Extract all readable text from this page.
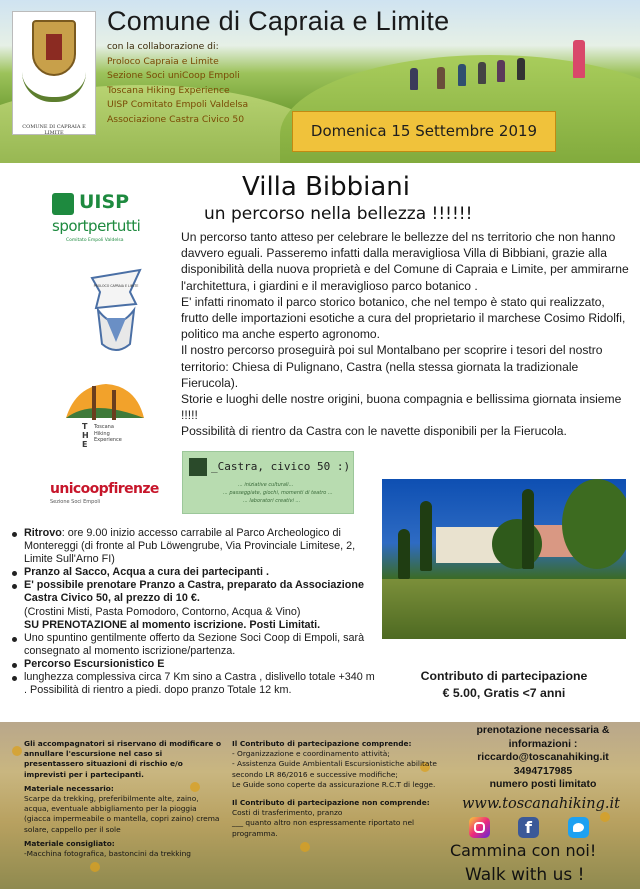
COMUNE DI CAPRAIA E LIMITE
Comune di Capraia e Limite
con la collaborazione di:
Proloco Capraia e Limite
Sezione Soci uniCoop Empoli
Toscana Hiking Experience
UISP Comitato Empoli Valdelsa
Associazione Castra Civico 50
Domenica 15 Settembre 2019
Villa Bibbiani
un percorso nella bellezza !!!!!!

Un percorso tanto atteso per celebrare le bellezze del ns territorio che non hanno davvero eguali. Passeremo infatti dalla meravigliosa Villa di Bibbiani, grazie alla disponibilità della nuova proprietà e del Comune di Capraia e Limite, per ammirarne l'architettura, i giardini e il meraviglioso parco botanico .

E' infatti rinomato il parco storico botanico, che nel tempo è stato qui realizzato, frutto delle importazioni esotiche a cura del proprietario il marchese Cosimo Ridolfi, politico ma anche esperto agronomo.

Il nostro percorso proseguirà poi sul Montalbano per scoprire i tesori del nostro territorio: Chiesa di Pulignano, Castra (nella stessa giornata la tradizionale Fierucola).

Storie e luoghi delle nostre origini, buona compagnia e bellissima giornata insieme !!!!!

Possibilità di rientro da Castra con le navette disponibili per la Fierucola.

UISP
sportpertutti
Comitato Empoli Valdelsa
PROLOCO CAPRAIA E LIMITE
T
H
E
Toscana
Hiking
Experience
unicoopfirenze
Sezione Soci Empoli
_Castra, civico 50 :)
... iniziative culturali...
... passeggiate, giochi, momenti di teatro ...
... laboratori creativi ...
Ritrovo: ore 9.00 inizio accesso carrabile al Parco Archeologico di Montereggi (di fronte al Pub Löwengrube, Via Provinciale Limitese, 2, Limite Sull'Arno FI)
Pranzo al Sacco, Acqua a cura dei partecipanti .
E' possibile prenotare Pranzo a Castra, preparato da Associazione Castra Civico 50, al prezzo di 10 €.
(Crostini Misti, Pasta Pomodoro, Contorno, Acqua & Vino)
SU PRENOTAZIONE al momento iscrizione. Posti Limitati.
Uno spuntino gentilmente offerto da Sezione Soci Coop di Empoli, sarà consegnato al momento iscrizione/partenza.
Percorso Escursionistico E
lunghezza complessiva circa 7 Km sino a Castra , dislivello totale +340 m . Possibilità di rientro a piedi. dopo pranzo Totale 12 km.
Contributo di partecipazione
€ 5.00, Gratis <7 anni
Gli accompagnatori si riservano di modificare o annullare l'escursione nel caso si presentassero situazioni di rischio e/o imprevisti per i partecipanti.
Materiale necessario:
Scarpe da trekking, preferibilmente alte, zaino, acqua, eventuale abbigliamento per la pioggia (giacca impermeabile o mantella, copri zaino) crema solare, cappello per il sole
Materiale consigliato:
-Macchina fotografica, bastoncini da trekking
Il Contributo di partecipazione comprende:
- Organizzazione e coordinamento attività;
- Assistenza Guide Ambientali Escursionistiche abilitate secondo LR 86/2016 e successive modifiche;
Le Guide sono coperte da assicurazione R.C.T di legge.
Il Contributo di partecipazione non comprende:
Costi di trasferimento, pranzo
___ quanto altro non espressamente riportato nel programma.
prenotazione necessaria & informazioni :
riccardo@toscanahiking.it
3494717985
numero posti limitato
www.toscanahiking.it
f
Cammina con noi!
Walk with us !
